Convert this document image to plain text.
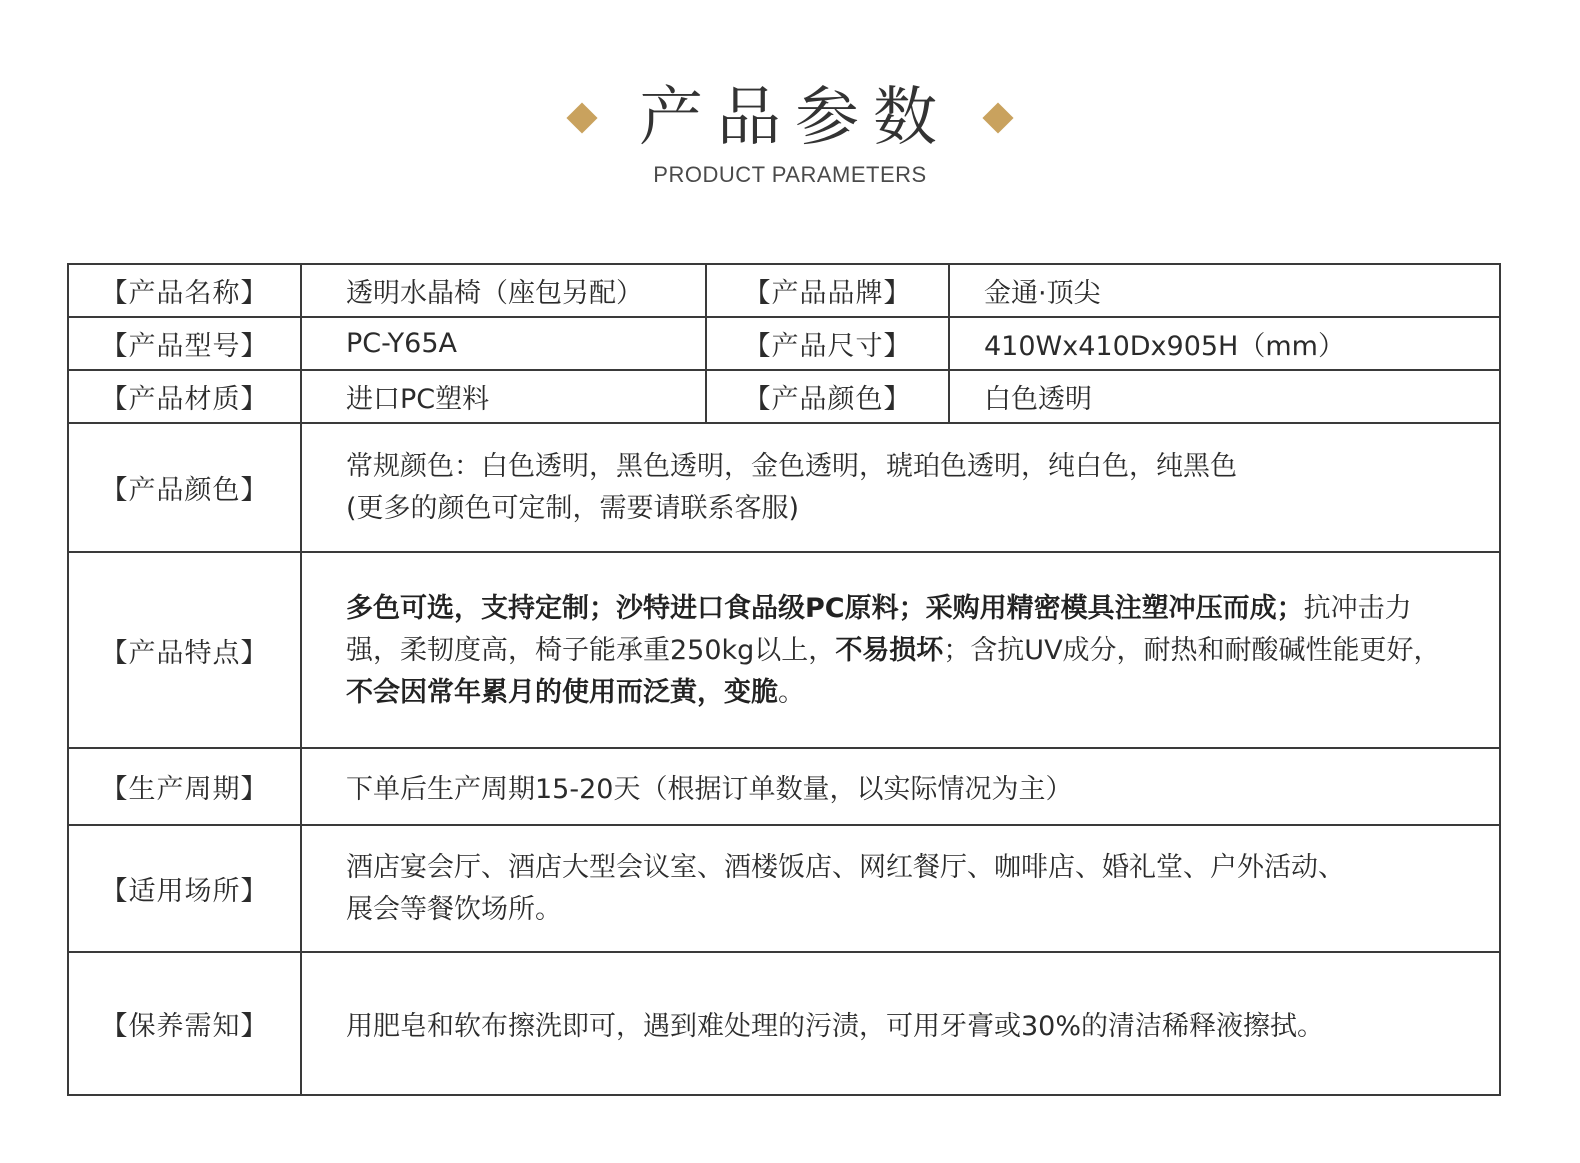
产品参数
PRODUCT PARAMETERS
【产品名称】	透明水晶椅（座包另配）	【产品品牌】	金通·顶尖
【产品型号】	PC-Y65A	【产品尺寸】	410Wx410Dx905H（mm）
【产品材质】	进口PC塑料	【产品颜色】	白色透明
【产品颜色】	常规颜色：白色透明，黑色透明，金色透明，琥珀色透明，纯白色，纯黑色
(更多的颜色可定制，需要请联系客服)		

【产品特点】	多色可选，支持定制；沙特进口食品级PC原料；采购用精密模具注塑冲压而成；抗冲击力强，柔韧度高，椅子能承重250kg以上，不易损坏；含抗UV成分，耐热和耐酸碱性能更好，不会因常年累月的使用而泛黄，变脆。		

【生产周期】	下单后生产周期15-20天（根据订单数量，以实际情况为主）		
【适用场所】	酒店宴会厅、酒店大型会议室、酒楼饭店、网红餐厅、咖啡店、婚礼堂、户外活动、
展会等餐饮场所。		

【保养需知】	用肥皂和软布擦洗即可，遇到难处理的污渍，可用牙膏或30%的清洁稀释液擦拭。		
